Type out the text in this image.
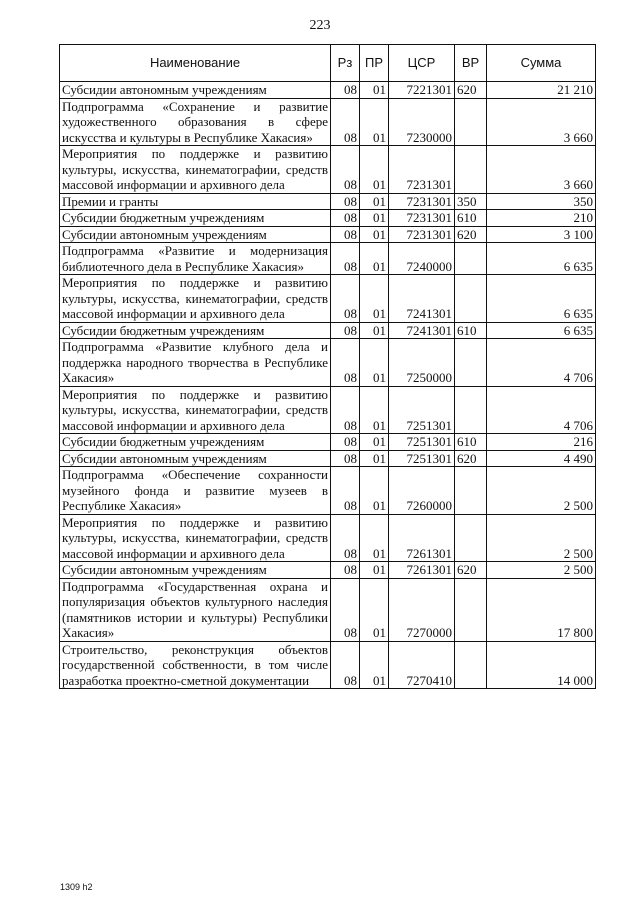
223
Наименование	Рз	ПР	ЦСР	ВР	Сумма
Субсидии автономным учреждениям	08	01	7221301	620	21 210
Подпрограмма «Сохранение и развитие художественного образования в сфере искусства и культуры в Республике Хакасия»	08	01	7230000		3 660
Мероприятия по поддержке и развитию культуры, искусства, кинематографии, средств массовой информации и архивного дела	08	01	7231301		3 660
Премии и гранты	08	01	7231301	350	350
Субсидии бюджетным учреждениям	08	01	7231301	610	210
Субсидии автономным учреждениям	08	01	7231301	620	3 100
Подпрограмма «Развитие и модернизация библиотечного дела в Республике Хакасия»	08	01	7240000		6 635
Мероприятия по поддержке и развитию культуры, искусства, кинематографии, средств массовой информации и архивного дела	08	01	7241301		6 635
Субсидии бюджетным учреждениям	08	01	7241301	610	6 635
Подпрограмма «Развитие клубного дела и поддержка народного творчества в Республике Хакасия»	08	01	7250000		4 706
Мероприятия по поддержке и развитию культуры, искусства, кинематографии, средств массовой информации и архивного дела	08	01	7251301		4 706
Субсидии бюджетным учреждениям	08	01	7251301	610	216
Субсидии автономным учреждениям	08	01	7251301	620	4 490
Подпрограмма «Обеспечение сохранности музейного фонда и развитие музеев в Республике Хакасия»	08	01	7260000		2 500
Мероприятия по поддержке и развитию культуры, искусства, кинематографии, средств массовой информации и архивного дела	08	01	7261301		2 500
Субсидии автономным учреждениям	08	01	7261301	620	2 500
Подпрограмма «Государственная охрана и популяризация объектов культурного наследия (памятников истории и культуры) Республики Хакасия»	08	01	7270000		17 800
Строительство, реконструкция объектов государственной собственности, в том числе разработка проектно-сметной документации	08	01	7270410		14 000
1309 h2
